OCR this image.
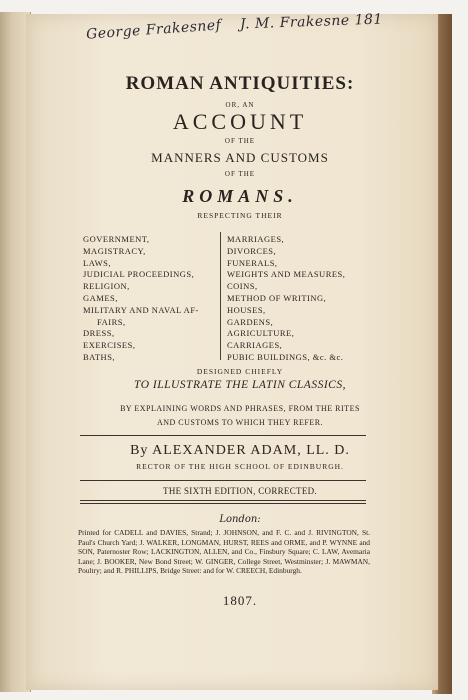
George Frakesnef J. M. Frakesne 181
ROMAN ANTIQUITIES:
OR, AN
ACCOUNT
OF THE
MANNERS AND CUSTOMS
OF THE
ROMANS.
RESPECTING THEIR
GOVERNMENT,
MAGISTRACY,
LAWS,
JUDICIAL PROCEEDINGS,
RELIGION,
GAMES,
MILITARY AND NAVAL AF-
FAIRS,
DRESS,
EXERCISES,
BATHS,
MARRIAGES,
DIVORCES,
FUNERALS,
WEIGHTS AND MEASURES,
COINS,
METHOD OF WRITING,
HOUSES,
GARDENS,
AGRICULTURE,
CARRIAGES,
PUBIC BUILDINGS, &c. &c.
DESIGNED CHIEFLY
TO ILLUSTRATE THE LATIN CLASSICS,
BY EXPLAINING WORDS AND PHRASES, FROM THE RITES
AND CUSTOMS TO WHICH THEY REFER.
By ALEXANDER ADAM, LL. D.
RECTOR OF THE HIGH SCHOOL OF EDINBURGH.
THE SIXTH EDITION, CORRECTED.
London:
Printed for CADELL and DAVIES, Strand; J. JOHNSON, and F. C. and J. RIVINGTON, St. Paul's Church Yard; J. WALKER, LONGMAN, HURST, REES and ORME, and P. WYNNE and SON, Paternoster Row; LACKINGTON, ALLEN, and Co., Finsbury Square; C. LAW, Avemaria Lane; J. BOOKER, New Bond Street; W. GINGER, College Street, Westminster; J. MAWMAN, Poultry; and R. PHILLIPS, Bridge Street: and for W. CREECH, Edinburgh.
1807.
